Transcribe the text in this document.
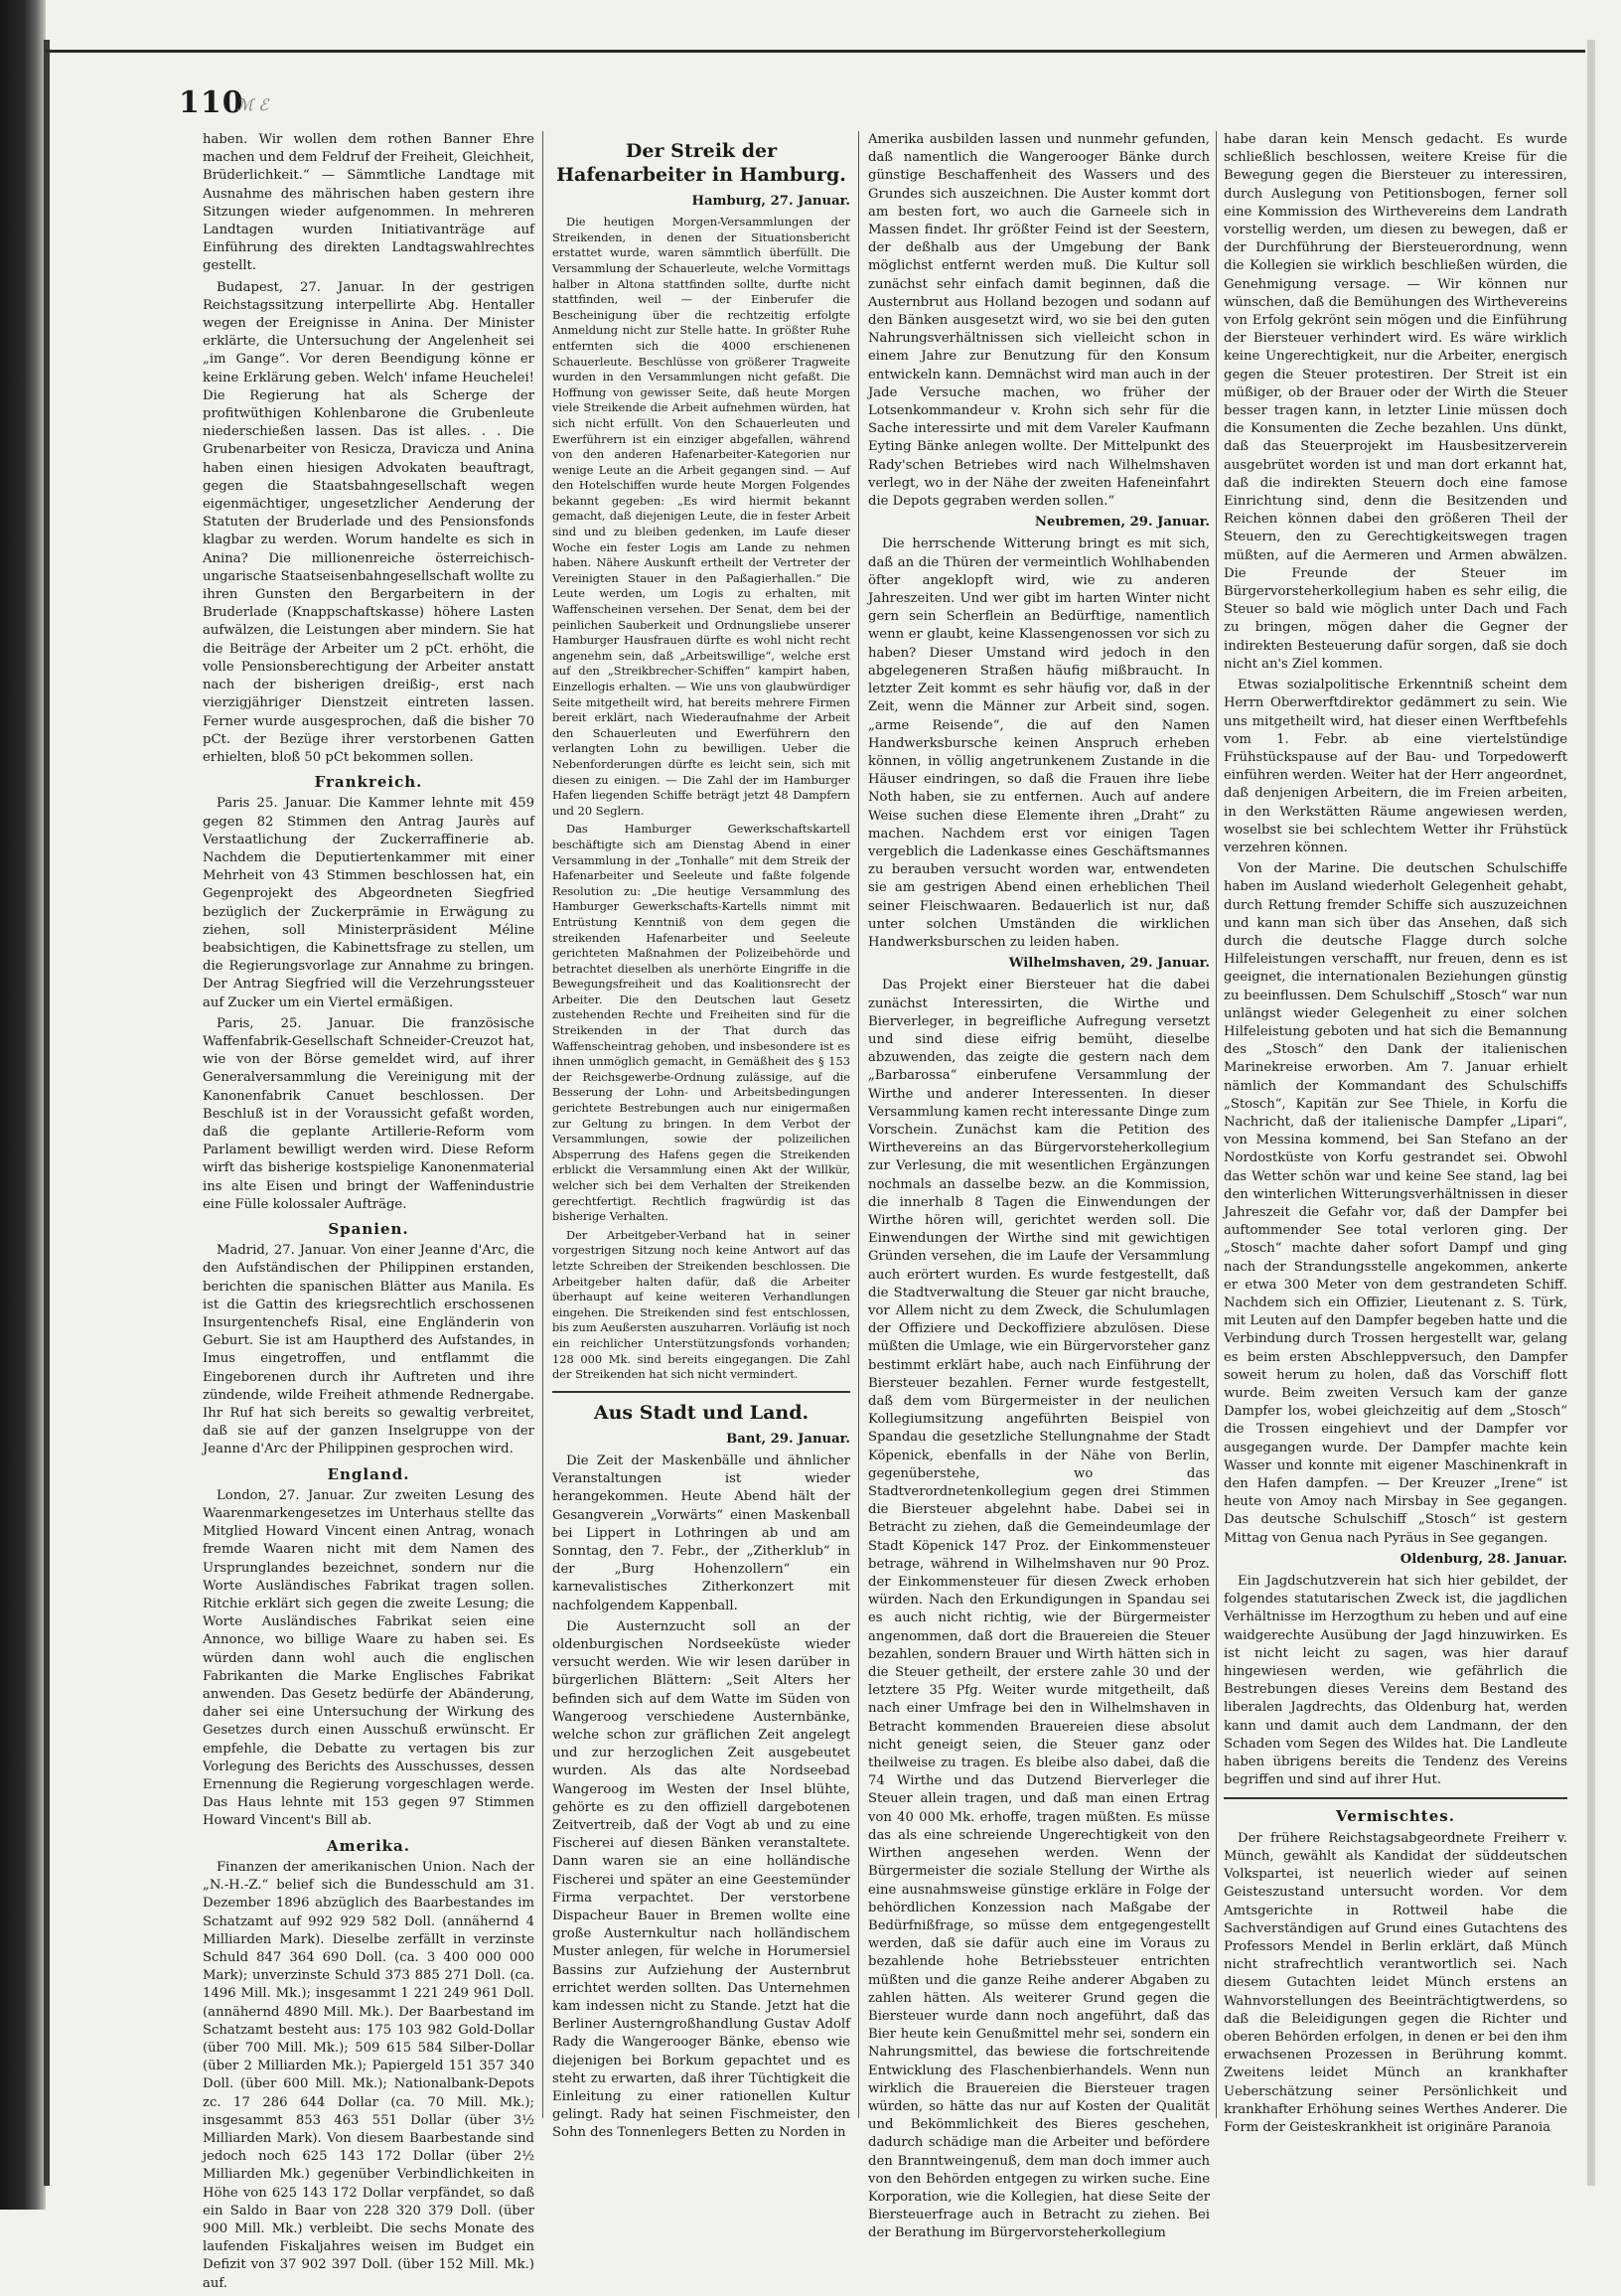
110
ℳ ℰ

haben. Wir wollen dem rothen Banner Ehre machen und dem Feldruf der Freiheit, Gleichheit, Brüderlichkeit.“ — Sämmtliche Landtage mit Ausnahme des mährischen haben gestern ihre Sitzungen wieder aufgenommen. In mehreren Landtagen wurden Initiativanträge auf Einführung des direkten Landtagswahlrechtes gestellt.

Budapest, 27. Januar. In der gestrigen Reichstagssitzung interpellirte Abg. Hentaller wegen der Ereignisse in Anina. Der Minister erklärte, die Untersuchung der Angelenheit sei „im Gange“. Vor deren Beendigung könne er keine Erklärung geben. Welch' infame Heuchelei! Die Regierung hat als Scherge der profitwüthigen Kohlenbarone die Grubenleute niederschießen lassen. Das ist alles. . . Die Grubenarbeiter von Resicza, Dravicza und Anina haben einen hiesigen Advokaten beauftragt, gegen die Staatsbahngesellschaft wegen eigenmächtiger, ungesetzlicher Aenderung der Statuten der Bruderlade und des Pensionsfonds klagbar zu werden. Worum handelte es sich in Anina? Die millionenreiche österreichisch-ungarische Staatseisenbahngesellschaft wollte zu ihren Gunsten den Bergarbeitern in der Bruderlade (Knappschaftskasse) höhere Lasten aufwälzen, die Leistungen aber mindern. Sie hat die Beiträge der Arbeiter um 2 pCt. erhöht, die volle Pensionsberechtigung der Arbeiter anstatt nach der bisherigen dreißig-, erst nach vierzigjähriger Dienstzeit eintreten lassen. Ferner wurde ausgesprochen, daß die bisher 70 pCt. der Bezüge ihrer verstorbenen Gatten erhielten, bloß 50 pCt bekommen sollen.

Frankreich.

Paris 25. Januar. Die Kammer lehnte mit 459 gegen 82 Stimmen den Antrag Jaurès auf Verstaatlichung der Zuckerraffinerie ab. Nachdem die Deputiertenkammer mit einer Mehrheit von 43 Stimmen beschlossen hat, ein Gegenprojekt des Abgeordneten Siegfried bezüglich der Zuckerprämie in Erwägung zu ziehen, soll Ministerpräsident Méline beabsichtigen, die Kabinettsfrage zu stellen, um die Regierungsvorlage zur Annahme zu bringen. Der Antrag Siegfried will die Verzehrungssteuer auf Zucker um ein Viertel ermäßigen.

Paris, 25. Januar. Die französische Waffenfabrik-Gesellschaft Schneider-Creuzot hat, wie von der Börse gemeldet wird, auf ihrer Generalversammlung die Vereinigung mit der Kanonenfabrik Canuet beschlossen. Der Beschluß ist in der Voraussicht gefaßt worden, daß die geplante Artillerie-Reform vom Parlament bewilligt werden wird. Diese Reform wirft das bisherige kostspielige Kanonenmaterial ins alte Eisen und bringt der Waffenindustrie eine Fülle kolossaler Aufträge.

Spanien.

Madrid, 27. Januar. Von einer Jeanne d'Arc, die den Aufständischen der Philippinen erstanden, berichten die spanischen Blätter aus Manila. Es ist die Gattin des kriegsrechtlich erschossenen Insurgentenchefs Risal, eine Engländerin von Geburt. Sie ist am Hauptherd des Aufstandes, in Imus eingetroffen, und entflammt die Eingeborenen durch ihr Auftreten und ihre zündende, wilde Freiheit athmende Rednergabe. Ihr Ruf hat sich bereits so gewaltig verbreitet, daß sie auf der ganzen Inselgruppe von der Jeanne d'Arc der Philippinen gesprochen wird.

England.

London, 27. Januar. Zur zweiten Lesung des Waarenmarkengesetzes im Unterhaus stellte das Mitglied Howard Vincent einen Antrag, wonach fremde Waaren nicht mit dem Namen des Ursprunglandes bezeichnet, sondern nur die Worte Ausländisches Fabrikat tragen sollen. Ritchie erklärt sich gegen die zweite Lesung; die Worte Ausländisches Fabrikat seien eine Annonce, wo billige Waare zu haben sei. Es würden dann wohl auch die englischen Fabrikanten die Marke Englisches Fabrikat anwenden. Das Gesetz bedürfe der Abänderung, daher sei eine Untersuchung der Wirkung des Gesetzes durch einen Ausschuß erwünscht. Er empfehle, die Debatte zu vertagen bis zur Vorlegung des Berichts des Ausschusses, dessen Ernennung die Regierung vorgeschlagen werde. Das Haus lehnte mit 153 gegen 97 Stimmen Howard Vincent's Bill ab.

Amerika.

Finanzen der amerikanischen Union. Nach der „N.-H.-Z.“ belief sich die Bundesschuld am 31. Dezember 1896 abzüglich des Baarbestandes im Schatzamt auf 992 929 582 Doll. (annähernd 4 Milliarden Mark). Dieselbe zerfällt in verzinste Schuld 847 364 690 Doll. (ca. 3 400 000 000 Mark); unverzinste Schuld 373 885 271 Doll. (ca. 1496 Mill. Mk.); insgesammt 1 221 249 961 Doll. (annähernd 4890 Mill. Mk.). Der Baarbestand im Schatzamt besteht aus: 175 103 982 Gold-Dollar (über 700 Mill. Mk.); 509 615 584 Silber-Dollar (über 2 Milliarden Mk.); Papiergeld 151 357 340 Doll. (über 600 Mill. Mk.); Nationalbank-Depots zc. 17 286 644 Dollar (ca. 70 Mill. Mk.); insgesammt 853 463 551 Dollar (über 3½ Milliarden Mark). Von diesem Baarbestande sind jedoch noch 625 143 172 Dollar (über 2½ Milliarden Mk.) gegenüber Verbindlichkeiten in Höhe von 625 143 172 Dollar verpfändet, so daß ein Saldo in Baar von 228 320 379 Doll. (über 900 Mill. Mk.) verbleibt. Die sechs Monate des laufenden Fiskaljahres weisen im Budget ein Defizit von 37 902 397 Doll. (über 152 Mill. Mk.) auf.

Der Streik der Hafenarbeiter in Hamburg.
Hamburg, 27. Januar.

Die heutigen Morgen-Versammlungen der Streikenden, in denen der Situationsbericht erstattet wurde, waren sämmtlich überfüllt. Die Versammlung der Schauerleute, welche Vormittags halber in Altona stattfinden sollte, durfte nicht stattfinden, weil — der Einberufer die Bescheinigung über die rechtzeitig erfolgte Anmeldung nicht zur Stelle hatte. In größter Ruhe entfernten sich die 4000 erschienenen Schauerleute. Beschlüsse von größerer Tragweite wurden in den Versammlungen nicht gefaßt. Die Hoffnung von gewisser Seite, daß heute Morgen viele Streikende die Arbeit aufnehmen würden, hat sich nicht erfüllt. Von den Schauerleuten und Ewerführern ist ein einziger abgefallen, während von den anderen Hafenarbeiter-Kategorien nur wenige Leute an die Arbeit gegangen sind. — Auf den Hotelschiffen wurde heute Morgen Folgendes bekannt gegeben: „Es wird hiermit bekannt gemacht, daß diejenigen Leute, die in fester Arbeit sind und zu bleiben gedenken, im Laufe dieser Woche ein fester Logis am Lande zu nehmen haben. Nähere Auskunft ertheilt der Vertreter der Vereinigten Stauer in den Paßagierhallen.“ Die Leute werden, um Logis zu erhalten, mit Waffenscheinen versehen. Der Senat, dem bei der peinlichen Sauberkeit und Ordnungsliebe unserer Hamburger Hausfrauen dürfte es wohl nicht recht angenehm sein, daß „Arbeitswillige“, welche erst auf den „Streikbrecher-Schiffen“ kampirt haben, Einzellogis erhalten. — Wie uns von glaubwürdiger Seite mitgetheilt wird, hat bereits mehrere Firmen bereit erklärt, nach Wiederaufnahme der Arbeit den Schauerleuten und Ewerführern den verlangten Lohn zu bewilligen. Ueber die Nebenforderungen dürfte es leicht sein, sich mit diesen zu einigen. — Die Zahl der im Hamburger Hafen liegenden Schiffe beträgt jetzt 48 Dampfern und 20 Seglern.

Das Hamburger Gewerkschaftskartell beschäftigte sich am Dienstag Abend in einer Versammlung in der „Tonhalle“ mit dem Streik der Hafenarbeiter und Seeleute und faßte folgende Resolution zu: „Die heutige Versammlung des Hamburger Gewerkschafts-Kartells nimmt mit Entrüstung Kenntniß von dem gegen die streikenden Hafenarbeiter und Seeleute gerichteten Maßnahmen der Polizeibehörde und betrachtet dieselben als unerhörte Eingriffe in die Bewegungsfreiheit und das Koalitionsrecht der Arbeiter. Die den Deutschen laut Gesetz zustehenden Rechte und Freiheiten sind für die Streikenden in der That durch das Waffenscheintrag gehoben, und insbesondere ist es ihnen unmöglich gemacht, in Gemäßheit des § 153 der Reichsgewerbe-Ordnung zulässige, auf die Besserung der Lohn- und Arbeitsbedingungen gerichtete Bestrebungen auch nur einigermaßen zur Geltung zu bringen. In dem Verbot der Versammlungen, sowie der polizeilichen Absperrung des Hafens gegen die Streikenden erblickt die Versammlung einen Akt der Willkür, welcher sich bei dem Verhalten der Streikenden gerechtfertigt. Rechtlich fragwürdig ist das bisherige Verhalten.

Der Arbeitgeber-Verband hat in seiner vorgestrigen Sitzung noch keine Antwort auf das letzte Schreiben der Streikenden beschlossen. Die Arbeitgeber halten dafür, daß die Arbeiter überhaupt auf keine weiteren Verhandlungen eingehen. Die Streikenden sind fest entschlossen, bis zum Aeußersten auszuharren. Vorläufig ist noch ein reichlicher Unterstützungsfonds vorhanden; 128 000 Mk. sind bereits eingegangen. Die Zahl der Streikenden hat sich nicht vermindert.

Aus Stadt und Land.
Bant, 29. Januar.

Die Zeit der Maskenbälle und ähnlicher Veranstaltungen ist wieder herangekommen. Heute Abend hält der Gesangverein „Vorwärts“ einen Maskenball bei Lippert in Lothringen ab und am Sonntag, den 7. Febr., der „Zitherklub“ in der „Burg Hohenzollern“ ein karnevalistisches Zitherkonzert mit nachfolgendem Kappenball.

Die Austernzucht soll an der oldenburgischen Nordseeküste wieder versucht werden. Wie wir lesen darüber in bürgerlichen Blättern: „Seit Alters her befinden sich auf dem Watte im Süden von Wangeroog verschiedene Austernbänke, welche schon zur gräflichen Zeit angelegt und zur herzoglichen Zeit ausgebeutet wurden. Als das alte Nordseebad Wangeroog im Westen der Insel blühte, gehörte es zu den offiziell dargebotenen Zeitvertreib, daß der Vogt ab und zu eine Fischerei auf diesen Bänken veranstaltete. Dann waren sie an eine holländische Fischerei und später an eine Geestemünder Firma verpachtet. Der verstorbene Dispacheur Bauer in Bremen wollte eine große Austernkultur nach holländischem Muster anlegen, für welche in Horumersiel Bassins zur Aufziehung der Austernbrut errichtet werden sollten. Das Unternehmen kam indessen nicht zu Stande. Jetzt hat die Berliner Austerngroßhandlung Gustav Adolf Rady die Wangerooger Bänke, ebenso wie diejenigen bei Borkum gepachtet und es steht zu erwarten, daß ihrer Tüchtigkeit die Einleitung zu einer rationellen Kultur gelingt. Rady hat seinen Fischmeister, den Sohn des Tonnenlegers Betten zu Norden in

Amerika ausbilden lassen und nunmehr gefunden, daß namentlich die Wangerooger Bänke durch günstige Beschaffenheit des Wassers und des Grundes sich auszeichnen. Die Auster kommt dort am besten fort, wo auch die Garneele sich in Massen findet. Ihr größter Feind ist der Seestern, der deßhalb aus der Umgebung der Bank möglichst entfernt werden muß. Die Kultur soll zunächst sehr einfach damit beginnen, daß die Austernbrut aus Holland bezogen und sodann auf den Bänken ausgesetzt wird, wo sie bei den guten Nahrungsverhältnissen sich vielleicht schon in einem Jahre zur Benutzung für den Konsum entwickeln kann. Demnächst wird man auch in der Jade Versuche machen, wo früher der Lotsenkommandeur v. Krohn sich sehr für die Sache interessirte und mit dem Vareler Kaufmann Eyting Bänke anlegen wollte. Der Mittelpunkt des Rady'schen Betriebes wird nach Wilhelmshaven verlegt, wo in der Nähe der zweiten Hafeneinfahrt die Depots gegraben werden sollen.“

Neubremen, 29. Januar.

Die herrschende Witterung bringt es mit sich, daß an die Thüren der vermeintlich Wohlhabenden öfter angeklopft wird, wie zu anderen Jahreszeiten. Und wer gibt im harten Winter nicht gern sein Scherflein an Bedürftige, namentlich wenn er glaubt, keine Klassengenossen vor sich zu haben? Dieser Umstand wird jedoch in den abgelegeneren Straßen häufig mißbraucht. In letzter Zeit kommt es sehr häufig vor, daß in der Zeit, wenn die Männer zur Arbeit sind, sogen. „arme Reisende“, die auf den Namen Handwerksbursche keinen Anspruch erheben können, in völlig angetrunkenem Zustande in die Häuser eindringen, so daß die Frauen ihre liebe Noth haben, sie zu entfernen. Auch auf andere Weise suchen diese Elemente ihren „Draht“ zu machen. Nachdem erst vor einigen Tagen vergeblich die Ladenkasse eines Geschäftsmannes zu berauben versucht worden war, entwendeten sie am gestrigen Abend einen erheblichen Theil seiner Fleischwaaren. Bedauerlich ist nur, daß unter solchen Umständen die wirklichen Handwerksburschen zu leiden haben.

Wilhelmshaven, 29. Januar.

Das Projekt einer Biersteuer hat die dabei zunächst Interessirten, die Wirthe und Bierverleger, in begreifliche Aufregung versetzt und sind diese eifrig bemüht, dieselbe abzuwenden, das zeigte die gestern nach dem „Barbarossa“ einberufene Versammlung der Wirthe und anderer Interessenten. In dieser Versammlung kamen recht interessante Dinge zum Vorschein. Zunächst kam die Petition des Wirthevereins an das Bürgervorsteherkollegium zur Verlesung, die mit wesentlichen Ergänzungen nochmals an dasselbe bezw. an die Kommission, die innerhalb 8 Tagen die Einwendungen der Wirthe hören will, gerichtet werden soll. Die Einwendungen der Wirthe sind mit gewichtigen Gründen versehen, die im Laufe der Versammlung auch erörtert wurden. Es wurde festgestellt, daß die Stadtverwaltung die Steuer gar nicht brauche, vor Allem nicht zu dem Zweck, die Schulumlagen der Offiziere und Deckoffiziere abzulösen. Diese müßten die Umlage, wie ein Bürgervorsteher ganz bestimmt erklärt habe, auch nach Einführung der Biersteuer bezahlen. Ferner wurde festgestellt, daß dem vom Bürgermeister in der neulichen Kollegiumsitzung angeführten Beispiel von Spandau die gesetzliche Stellungnahme der Stadt Köpenick, ebenfalls in der Nähe von Berlin, gegenüberstehe, wo das Stadtverordnetenkollegium gegen drei Stimmen die Biersteuer abgelehnt habe. Dabei sei in Betracht zu ziehen, daß die Gemeindeumlage der Stadt Köpenick 147 Proz. der Einkommensteuer betrage, während in Wilhelmshaven nur 90 Proz. der Einkommensteuer für diesen Zweck erhoben würden. Nach den Erkundigungen in Spandau sei es auch nicht richtig, wie der Bürgermeister angenommen, daß dort die Brauereien die Steuer bezahlen, sondern Brauer und Wirth hätten sich in die Steuer getheilt, der erstere zahle 30 und der letztere 35 Pfg. Weiter wurde mitgetheilt, daß nach einer Umfrage bei den in Wilhelmshaven in Betracht kommenden Brauereien diese absolut nicht geneigt seien, die Steuer ganz oder theilweise zu tragen. Es bleibe also dabei, daß die 74 Wirthe und das Dutzend Bierverleger die Steuer allein tragen, und daß man einen Ertrag von 40 000 Mk. erhoffe, tragen müßten. Es müsse das als eine schreiende Ungerechtigkeit von den Wirthen angesehen werden. Wenn der Bürgermeister die soziale Stellung der Wirthe als eine ausnahmsweise günstige erkläre in Folge der behördlichen Konzession nach Maßgabe der Bedürfnißfrage, so müsse dem entgegengestellt werden, daß sie dafür auch eine im Voraus zu bezahlende hohe Betriebssteuer entrichten müßten und die ganze Reihe anderer Abgaben zu zahlen hätten. Als weiterer Grund gegen die Biersteuer wurde dann noch angeführt, daß das Bier heute kein Genußmittel mehr sei, sondern ein Nahrungsmittel, das bewiese die fortschreitende Entwicklung des Flaschenbierhandels. Wenn nun wirklich die Brauereien die Biersteuer tragen würden, so hätte das nur auf Kosten der Qualität und Bekömmlichkeit des Bieres geschehen, dadurch schädige man die Arbeiter und befördere den Branntweingenuß, dem man doch immer auch von den Behörden entgegen zu wirken suche. Eine Korporation, wie die Kollegien, hat diese Seite der Biersteuerfrage auch in Betracht zu ziehen. Bei der Berathung im Bürgervorsteherkollegium

habe daran kein Mensch gedacht. Es wurde schließlich beschlossen, weitere Kreise für die Bewegung gegen die Biersteuer zu interessiren, durch Auslegung von Petitionsbogen, ferner soll eine Kommission des Wirthevereins dem Landrath vorstellig werden, um diesen zu bewegen, daß er der Durchführung der Biersteuerordnung, wenn die Kollegien sie wirklich beschließen würden, die Genehmigung versage. — Wir können nur wünschen, daß die Bemühungen des Wirthevereins von Erfolg gekrönt sein mögen und die Einführung der Biersteuer verhindert wird. Es wäre wirklich keine Ungerechtigkeit, nur die Arbeiter, energisch gegen die Steuer protestiren. Der Streit ist ein müßiger, ob der Brauer oder der Wirth die Steuer besser tragen kann, in letzter Linie müssen doch die Konsumenten die Zeche bezahlen. Uns dünkt, daß das Steuerprojekt im Hausbesitzerverein ausgebrütet worden ist und man dort erkannt hat, daß die indirekten Steuern doch eine famose Einrichtung sind, denn die Besitzenden und Reichen können dabei den größeren Theil der Steuern, den zu Gerechtigkeitswegen tragen müßten, auf die Aermeren und Armen abwälzen. Die Freunde der Steuer im Bürgervorsteherkollegium haben es sehr eilig, die Steuer so bald wie möglich unter Dach und Fach zu bringen, mögen daher die Gegner der indirekten Besteuerung dafür sorgen, daß sie doch nicht an's Ziel kommen.

Etwas sozialpolitische Erkenntniß scheint dem Herrn Oberwerftdirektor gedämmert zu sein. Wie uns mitgetheilt wird, hat dieser einen Werftbefehls vom 1. Febr. ab eine viertelstündige Frühstückspause auf der Bau- und Torpedowerft einführen werden. Weiter hat der Herr angeordnet, daß denjenigen Arbeitern, die im Freien arbeiten, in den Werkstätten Räume angewiesen werden, woselbst sie bei schlechtem Wetter ihr Frühstück verzehren können.

Von der Marine. Die deutschen Schulschiffe haben im Ausland wiederholt Gelegenheit gehabt, durch Rettung fremder Schiffe sich auszuzeichnen und kann man sich über das Ansehen, daß sich durch die deutsche Flagge durch solche Hilfeleistungen verschafft, nur freuen, denn es ist geeignet, die internationalen Beziehungen günstig zu beeinflussen. Dem Schulschiff „Stosch“ war nun unlängst wieder Gelegenheit zu einer solchen Hilfeleistung geboten und hat sich die Bemannung des „Stosch“ den Dank der italienischen Marinekreise erworben. Am 7. Januar erhielt nämlich der Kommandant des Schulschiffs „Stosch“, Kapitän zur See Thiele, in Korfu die Nachricht, daß der italienische Dampfer „Lipari“, von Messina kommend, bei San Stefano an der Nordostküste von Korfu gestrandet sei. Obwohl das Wetter schön war und keine See stand, lag bei den winterlichen Witterungsverhältnissen in dieser Jahreszeit die Gefahr vor, daß der Dampfer bei auftommender See total verloren ging. Der „Stosch“ machte daher sofort Dampf und ging nach der Strandungsstelle angekommen, ankerte er etwa 300 Meter von dem gestrandeten Schiff. Nachdem sich ein Offizier, Lieutenant z. S. Türk, mit Leuten auf den Dampfer begeben hatte und die Verbindung durch Trossen hergestellt war, gelang es beim ersten Abschleppversuch, den Dampfer soweit herum zu holen, daß das Vorschiff flott wurde. Beim zweiten Versuch kam der ganze Dampfer los, wobei gleichzeitig auf dem „Stosch“ die Trossen eingehievt und der Dampfer vor ausgegangen wurde. Der Dampfer machte kein Wasser und konnte mit eigener Maschinenkraft in den Hafen dampfen. — Der Kreuzer „Irene“ ist heute von Amoy nach Mirsbay in See gegangen. Das deutsche Schulschiff „Stosch“ ist gestern Mittag von Genua nach Pyräus in See gegangen.

Oldenburg, 28. Januar.

Ein Jagdschutzverein hat sich hier gebildet, der folgendes statutarischen Zweck ist, die jagdlichen Verhältnisse im Herzogthum zu heben und auf eine waidgerechte Ausübung der Jagd hinzuwirken. Es ist nicht leicht zu sagen, was hier darauf hingewiesen werden, wie gefährlich die Bestrebungen dieses Vereins dem Bestand des liberalen Jagdrechts, das Oldenburg hat, werden kann und damit auch dem Landmann, der den Schaden vom Segen des Wildes hat. Die Landleute haben übrigens bereits die Tendenz des Vereins begriffen und sind auf ihrer Hut.

Vermischtes.

Der frühere Reichstagsabgeordnete Freiherr v. Münch, gewählt als Kandidat der süddeutschen Volkspartei, ist neuerlich wieder auf seinen Geisteszustand untersucht worden. Vor dem Amtsgerichte in Rottweil habe die Sachverständigen auf Grund eines Gutachtens des Professors Mendel in Berlin erklärt, daß Münch nicht strafrechtlich verantwortlich sei. Nach diesem Gutachten leidet Münch erstens an Wahnvorstellungen des Beeinträchtigtwerdens, so daß die Beleidigungen gegen die Richter und oberen Behörden erfolgen, in denen er bei den ihm erwachsenen Prozessen in Berührung kommt. Zweitens leidet Münch an krankhafter Ueberschätzung seiner Persönlichkeit und krankhafter Erhöhung seines Werthes Anderer. Die Form der Geisteskrankheit ist originäre Paranoia
